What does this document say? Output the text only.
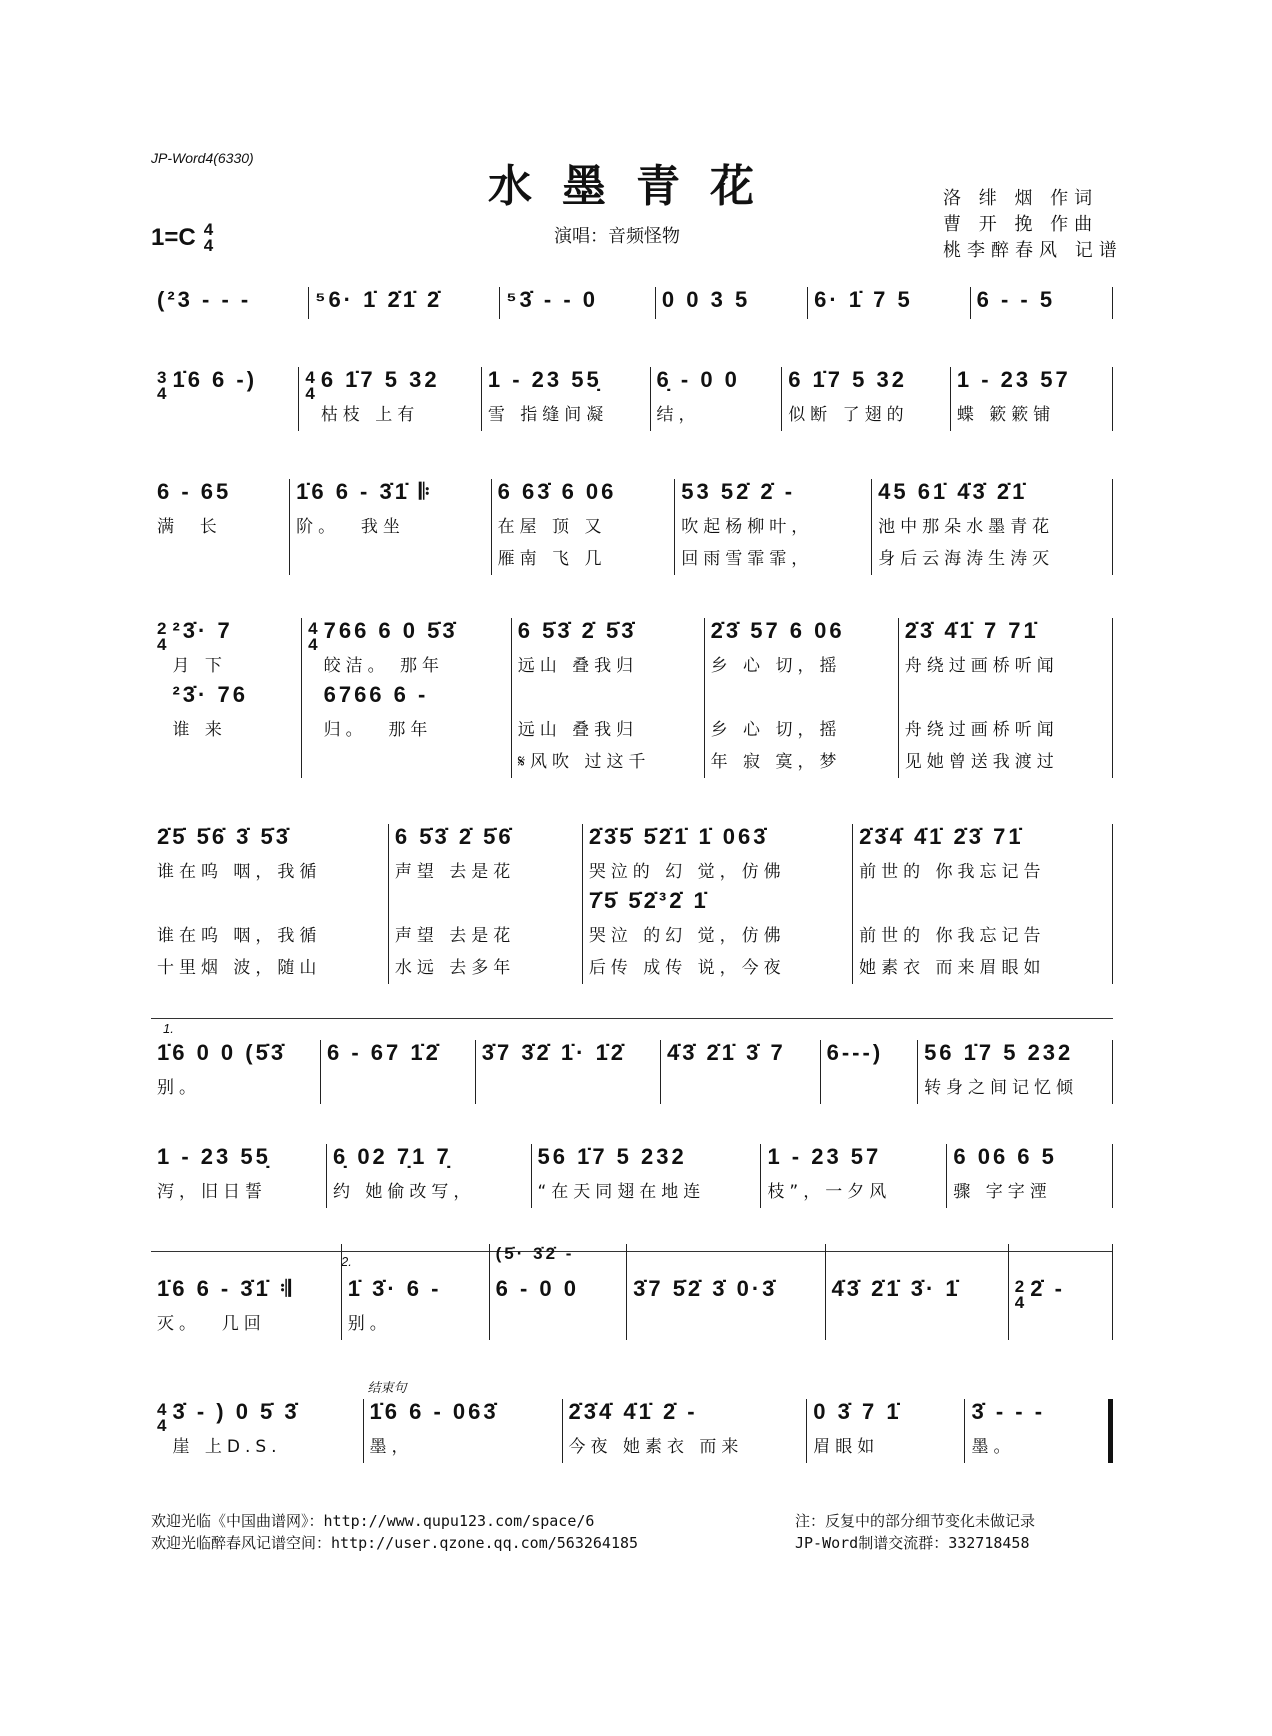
JP-Word4(6330)
水墨青花	洛 绯 烟 作词
曹 开 挽 作曲
桃李醉春风 记谱
1=C 4
4	演唱：音频怪物
(²3 - - -	⁵6· 1̇ 2̇1̇ 2̇	⁵3̇ - - 0	0 0 3 5	6· 1̇ 7 5	6 - - 5
3
4
1̇6 6 -)	4
4
6 1̇7 5 32
枯枝 上有
1 - 23 55̣
雪 指缝间凝
6̣ - 0 0
结，
6 1̇7 5 32
似断 了翅的
1 - 23 57
蝶 簌簌铺
6 - 65
满  长
1̇6 6 - 3̇1̇ 𝄆
阶。  我坐
6 63̇ 6 06
在屋 顶 又
雁南 飞 几
53 52̇ 2̇ -
吹起杨柳叶，
回雨雪霏霏，
45 61̇ 4̇3̇ 2̇1̇
池中那朵水墨青花
身后云海涛生涛灭
2
4
²3̇· 7
月 下
²3̇· 76
谁 来
4
4
766 6 0 5̇3̇
皎洁。 那年
6766 6 -
归。  那年
6 5̇3̇ 2̇ 5̇3̇
远山 叠我归
远山 叠我归
𝄋风吹 过这千
2̇3̇ 57 6 06
乡 心 切，摇
乡 心 切，摇
年 寂 寞，梦
2̇3̇ 4̇1̇ 7 71̇
舟绕过画桥听闻
舟绕过画桥听闻
见她曾送我渡过
2̇5̇ 5̇6̇ 3̇ 5̇3̇
谁在呜 咽，我循
谁在呜 咽，我循
十里烟 波，随山
6 5̇3̇ 2̇ 5̇6̇
声望 去是花
声望 去是花
水远 去多年
2̇3̇5̇ 5̇2̇1̇ 1̇ 063̇
哭泣的 幻 觉，仿佛
7̇5̇ 5̇2̇³2̇ 1̇
哭泣 的幻 觉，仿佛
后传 成传 说，今夜
2̇3̇4̇ 4̇1̇ 2̇3̇ 71̇
前世的 你我忘记告
前世的 你我忘记告
她素衣 而来眉眼如
1.
1̇6 0 0 (5̇3̇
别。
6 - 67 1̇2̇	3̇7 3̇2̇ 1̇· 1̇2̇	4̇3̇ 2̇1̇ 3̇ 7	6---)	56 1̇7 5 232
转身之间记忆倾
1 - 23 55̣
泻，旧日誓
6̣ 02 7̣1 7̣
约 她偷改写，
56 1̇7 5 232
“在天同翅在地连
1 - 23 57
枝”，一夕风
6 06 6 5
骤 字字湮
2.
1̇6 6 - 3̇1̇ 𝄇
灭。  几回
1̇ 3̇· 6 -
别。
(5̇· 3̇2̇ -
6 - 0 0	3̇7 5̇2̇ 3̇ 0·3̇	4̇3̇ 2̇1̇ 3̇· 1̇	2
4
2̇ -
4
4
3̇ - ) 0 5̇ 3̇
崖 上D.S.
结束句
1̇6 6 - 063̇
墨，
2̇3̇4̇ 4̇1̇ 2̇ -
今夜 她素衣 而来
0 3̇ 7 1̇
眉眼如
3̇ - - -
墨。
欢迎光临《中国曲谱网》：http://www.qupu123.com/space/6
欢迎光临醉春风记谱空间：http://user.qzone.qq.com/563264185
注：反复中的部分细节变化未做记录
JP-Word制谱交流群：332718458
